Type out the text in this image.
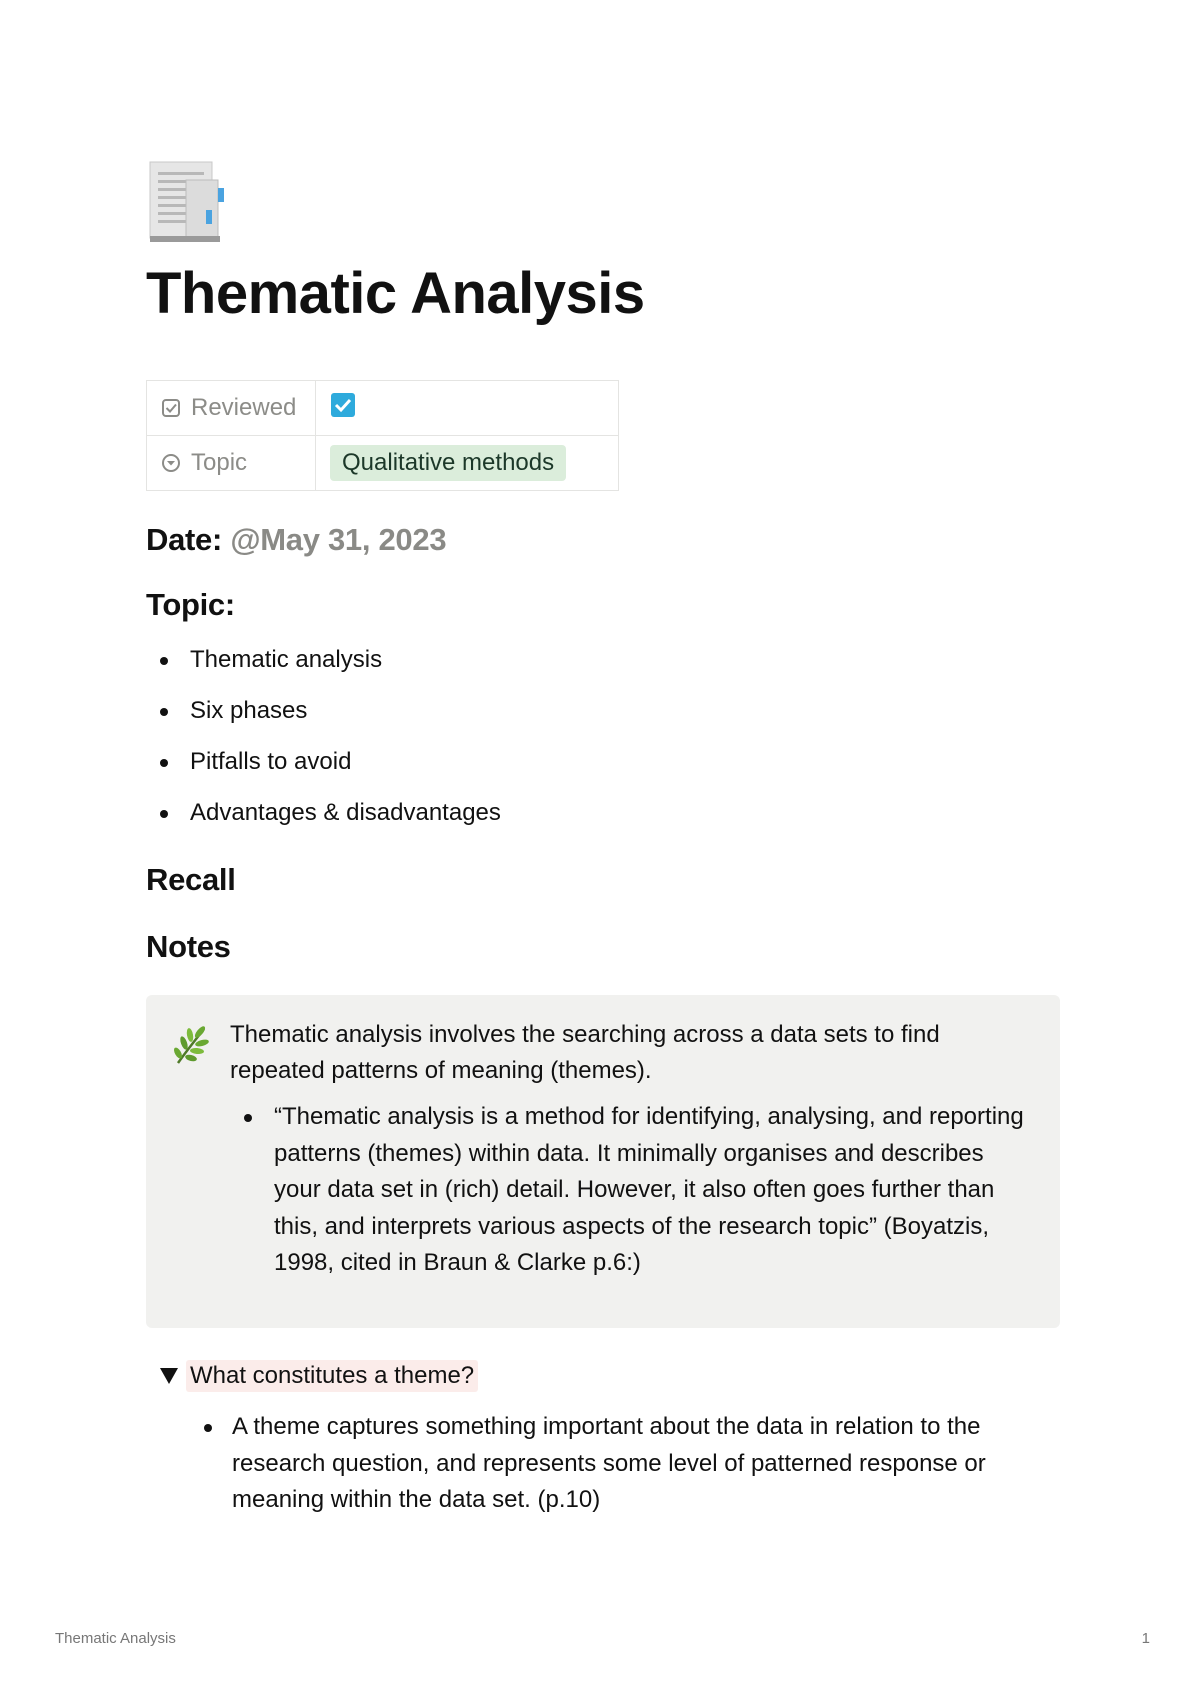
Thematic Analysis
Reviewed

Topic	Qualitative methods
Date: @May 31, 2023
Topic:
Thematic analysis
Six phases
Pitfalls to avoid
Advantages & disadvantages
Recall
Notes

Thematic analysis involves the searching across a data sets to find repeated patterns of meaning (themes).

“Thematic analysis is a method for identifying, analysing, and reporting patterns (themes) within data. It minimally organises and describes your data set in (rich) detail. However, it also often goes further than this, and interprets various aspects of the research topic” (Boyatzis, 1998, cited in Braun & Clarke p.6:)
What constitutes a theme?
A theme captures something important about the data in relation to the research question, and represents some level of patterned response or meaning within the data set. (p.10)
Thematic Analysis	1
